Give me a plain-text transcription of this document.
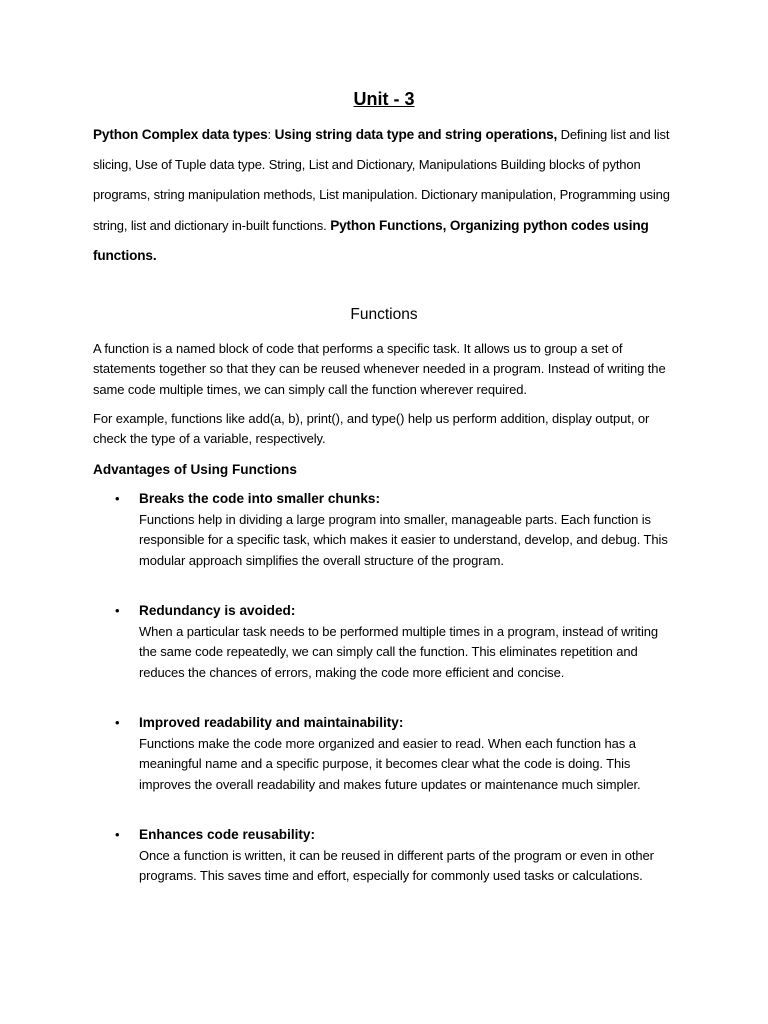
Unit - 3
Python Complex data types: Using string data type and string operations, Defining list and list slicing, Use of Tuple data type. String, List and Dictionary, Manipulations Building blocks of python programs, string manipulation methods, List manipulation. Dictionary manipulation, Programming using string, list and dictionary in-built functions. Python Functions, Organizing python codes using functions.
Functions

A function is a named block of code that performs a specific task. It allows us to group a set of statements together so that they can be reused whenever needed in a program. Instead of writing the same code multiple times, we can simply call the function wherever required.

For example, functions like add(a, b), print(), and type() help us perform addition, display output, or check the type of a variable, respectively.

Advantages of Using Functions
• Breaks the code into smaller chunks:
Functions help in dividing a large program into smaller, manageable parts. Each function is responsible for a specific task, which makes it easier to understand, develop, and debug. This modular approach simplifies the overall structure of the program.
• Redundancy is avoided:
When a particular task needs to be performed multiple times in a program, instead of writing the same code repeatedly, we can simply call the function. This eliminates repetition and reduces the chances of errors, making the code more efficient and concise.
• Improved readability and maintainability:
Functions make the code more organized and easier to read. When each function has a meaningful name and a specific purpose, it becomes clear what the code is doing. This improves the overall readability and makes future updates or maintenance much simpler.
• Enhances code reusability:
Once a function is written, it can be reused in different parts of the program or even in other programs. This saves time and effort, especially for commonly used tasks or calculations.
